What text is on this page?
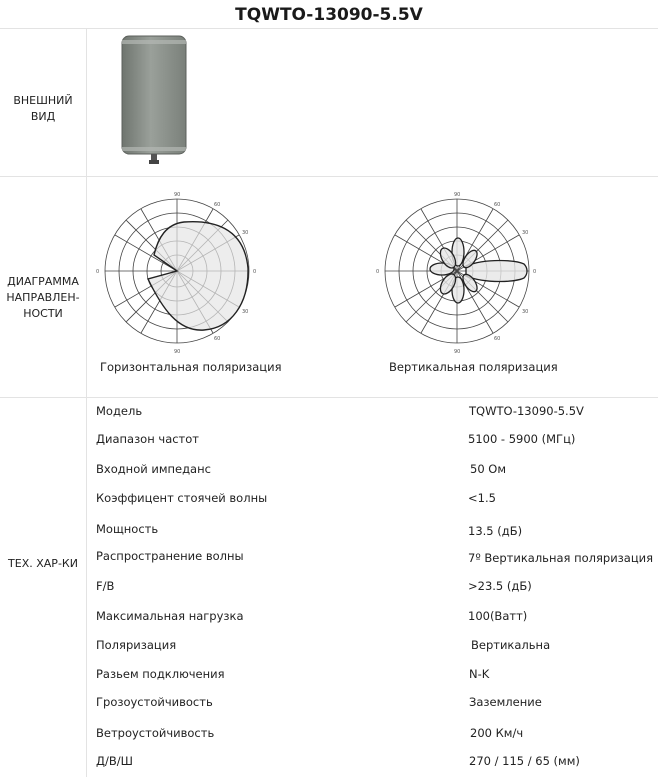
TQWTO-13090-5.5V
ВНЕШНИЙ
ВИД
ДИАГРАММА
НАПРАВЛЕН-
НОСТИ
90
60
30
0
30
60
90
0
Горизонтальная поляризация
90
60
30
0
30
60
90
0
Вертикальная поляризация
ТЕХ. ХАР-КИ
Модель	TQWTO-13090-5.5V
Диапазон частот	5100 - 5900 (МГц)
Входной импеданс	50 Ом
Коэффицент стоячей волны	<1.5
Мощность	13.5 (дБ)
Распространение волны	7º Вертикальная поляризация
F/B	>23.5 (дБ)
Максимальная нагрузка	100(Ватт)
Поляризация	Вертикальна
Разьем подключения	N-K
Грозоустойчивость	Заземление
Ветроустойчивость	200 Км/ч
Д/В/Ш	270 / 115 / 65 (мм)
